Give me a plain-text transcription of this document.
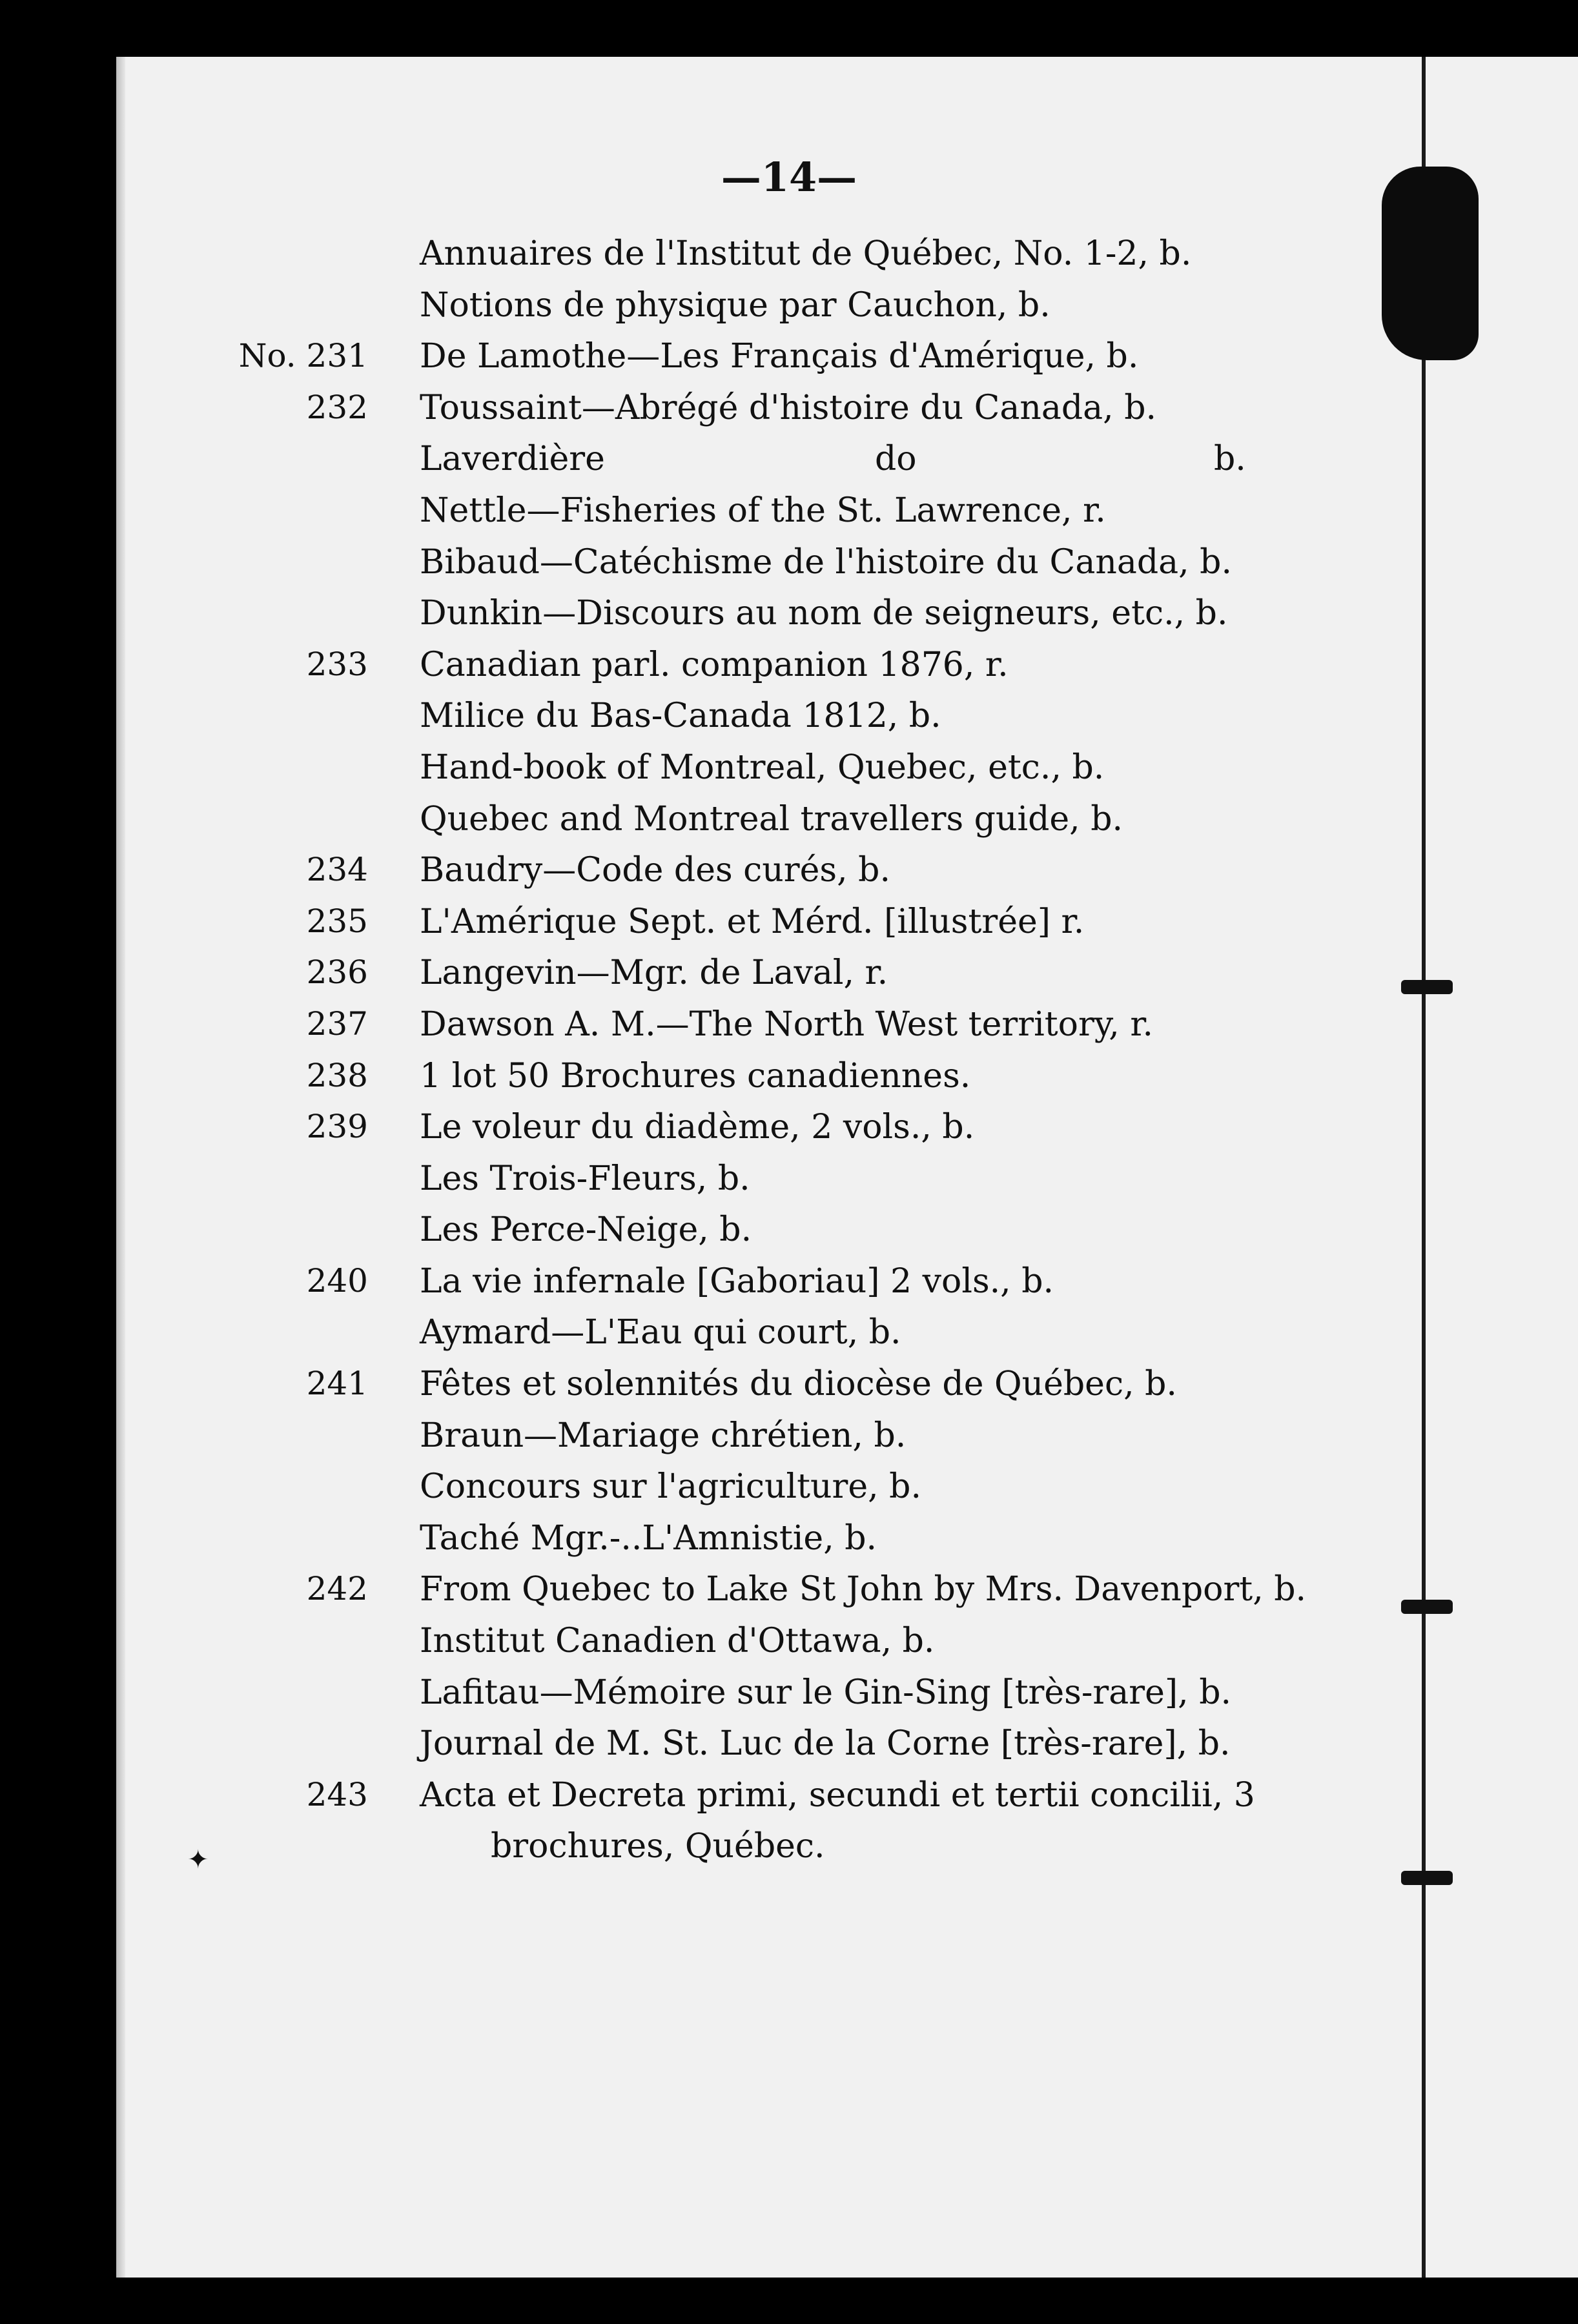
—14—
Annuaires de l'Institut de Québec, No. 1-2, b.
Notions de physique par Cauchon, b.
No. 231 De Lamothe—Les Français d'Amérique, b.
232 Toussaint—Abrégé d'histoire du Canada, b.
Laverdière	do	b.
Nettle—Fisheries of the St. Lawrence, r.
Bibaud—Catéchisme de l'histoire du Canada, b.
Dunkin—Discours au nom de seigneurs, etc., b.
233 Canadian parl. companion 1876, r.
Milice du Bas-Canada 1812, b.
Hand-book of Montreal, Quebec, etc., b.
Quebec and Montreal travellers guide, b.
234 Baudry—Code des curés, b.
235 L'Amérique Sept. et Mérd. [illustrée] r.
236 Langevin—Mgr. de Laval, r.
237 Dawson A. M.—The North West territory, r.
238 1 lot 50 Brochures canadiennes.
239 Le voleur du diadème, 2 vols., b.
Les Trois-Fleurs, b.
Les Perce-Neige, b.
240 La vie infernale [Gaboriau] 2 vols., b.
Aymard—L'Eau qui court, b.
241 Fêtes et solennités du diocèse de Québec, b.
Braun—Mariage chrétien, b.
Concours sur l'agriculture, b.
Taché Mgr.-..L'Amnistie, b.
242 From Quebec to Lake St John by Mrs. Davenport, b.
Institut Canadien d'Ottawa, b.
Lafitau—Mémoire sur le Gin-Sing [très-rare], b.
Journal de M. St. Luc de la Corne [très-rare], b.
243 Acta et Decreta primi, secundi et tertii concilii, 3
brochures, Québec.
✦
